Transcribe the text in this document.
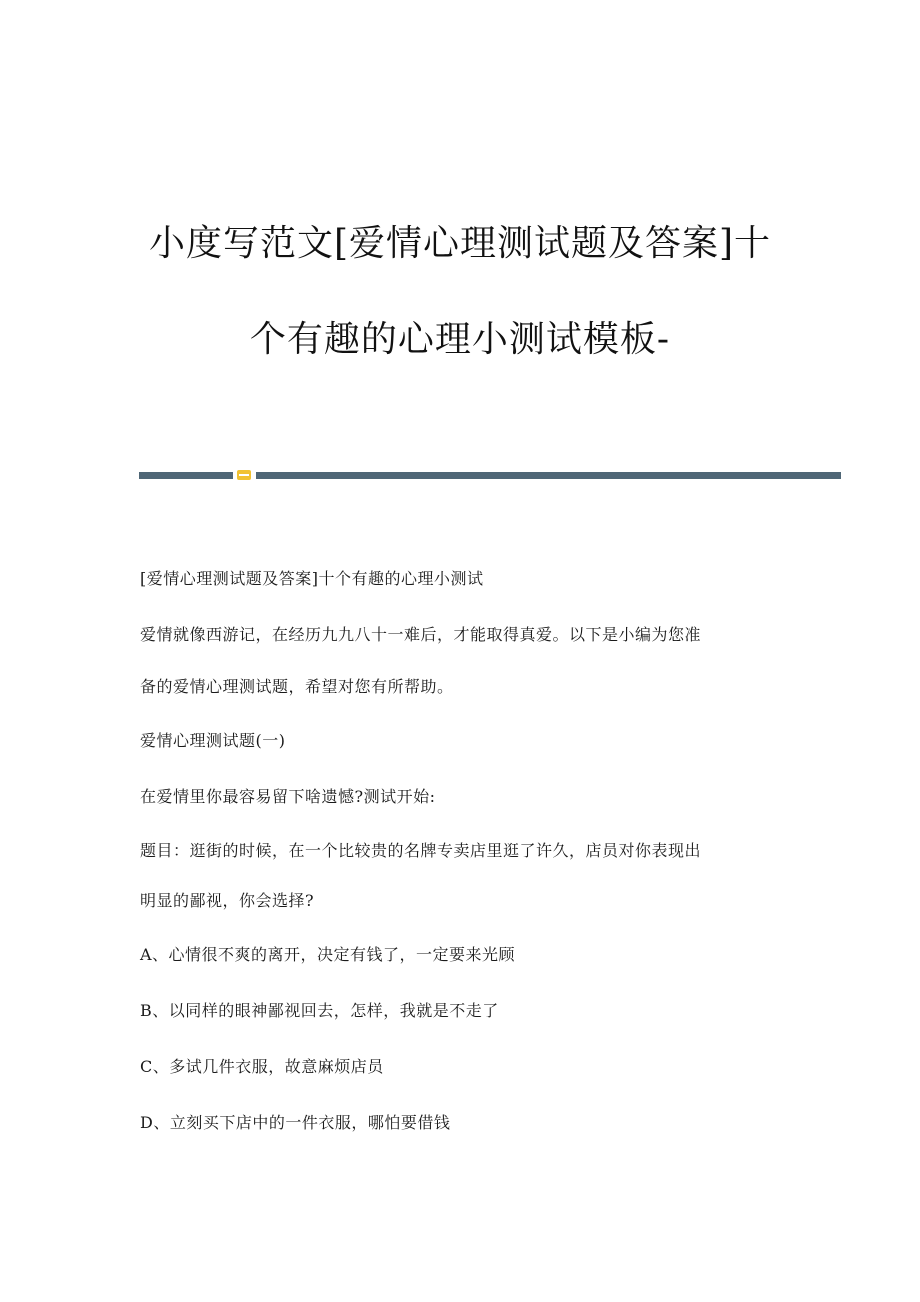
小度写范文[爱情心理测试题及答案]十
个有趣的心理小测试模板-
[爱情心理测试题及答案]十个有趣的心理小测试
爱情就像西游记，在经历九九八十一难后，才能取得真爱。以下是小编为您准
备的爱情心理测试题，希望对您有所帮助。
爱情心理测试题(一)
在爱情里你最容易留下啥遗憾?测试开始:
题目：逛街的时候，在一个比较贵的名牌专卖店里逛了许久，店员对你表现出
明显的鄙视，你会选择?
A、心情很不爽的离开，决定有钱了，一定要来光顾
B、以同样的眼神鄙视回去，怎样，我就是不走了
C、多试几件衣服，故意麻烦店员
D、立刻买下店中的一件衣服，哪怕要借钱
